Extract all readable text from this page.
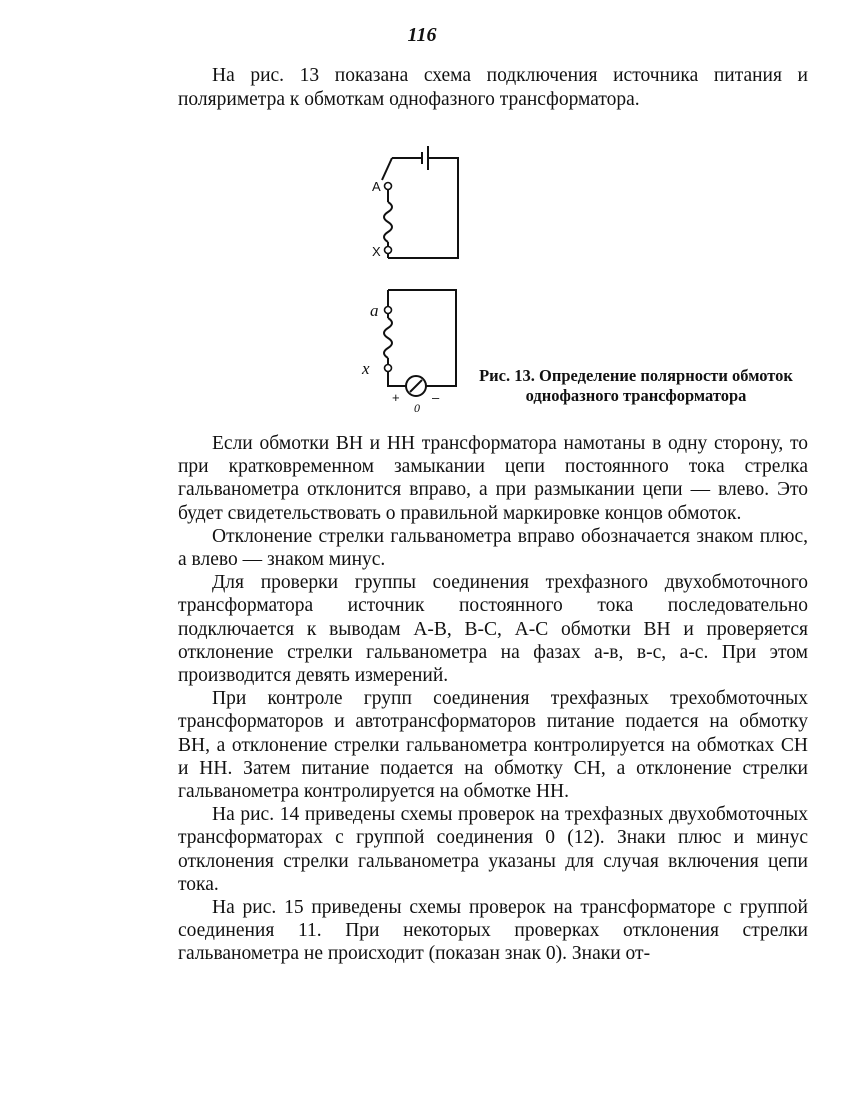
116
На рис. 13 показана схема подключения источника питания и поляриметра к обмоткам однофазного трансформатора.
A
X
a
x
+ –
0
Рис. 13. Определение полярности обмоток однофазного трансформатора

Если обмотки ВН и НН трансформатора намотаны в одну сторону, то при кратковременном замыкании цепи постоянного тока стрелка гальванометра отклонится вправо, а при размыкании цепи — влево. Это будет свидетельствовать о правильной маркировке концов обмоток.

Отклонение стрелки гальванометра вправо обозначается знаком плюс, а влево — знаком минус.

Для проверки группы соединения трехфазного двухобмоточного трансформатора источник постоянного тока последовательно подключается к выводам А-В, В-С, А-С обмотки ВН и проверяется отклонение стрелки гальванометра на фазах а-в, в-с, а-с. При этом производится девять измерений.

При контроле групп соединения трехфазных трехобмоточных трансформаторов и автотрансформаторов питание подается на обмотку ВН, а отклонение стрелки гальванометра контролируется на обмотках СН и НН. Затем питание подается на обмотку СН, а отклонение стрелки гальванометра контролируется на обмотке НН.

На рис. 14 приведены схемы проверок на трехфазных двухобмоточных трансформаторах с группой соединения 0 (12). Знаки плюс и минус отклонения стрелки гальванометра указаны для случая включения цепи тока.

На рис. 15 приведены схемы проверок на трансформаторе с группой соединения 11. При некоторых проверках отклонения стрелки гальванометра не происходит (показан знак 0). Знаки от-
